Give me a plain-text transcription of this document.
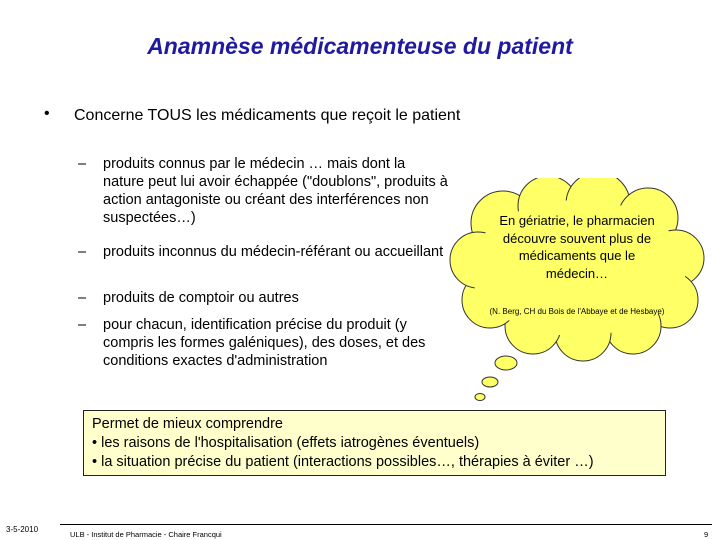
Anamnèse médicamenteuse du patient
• Concerne TOUS les médicaments que reçoit le patient
– produits connus par le médecin … mais dont la nature peut lui avoir échappée ("doublons", produits à action antagoniste ou créant des interférences non suspectées…)
– produits inconnus du médecin-référant ou accueillant
– produits de comptoir ou autres
– pour chacun, identification précise du produit (y compris les formes galéniques), des doses, et des conditions exactes d'administration
En gériatrie, le pharmacien découvre souvent plus de médicaments que le médecin…
(N. Berg, CH du Bois de l'Abbaye et de Hesbaye)
Permet de mieux comprendre
• les raisons de l'hospitalisation (effets iatrogènes éventuels)
• la situation précise du patient (interactions possibles…, thérapies à éviter …)
3-5-2010
ULB - Institut de Pharmacie - Chaire Francqui	9
